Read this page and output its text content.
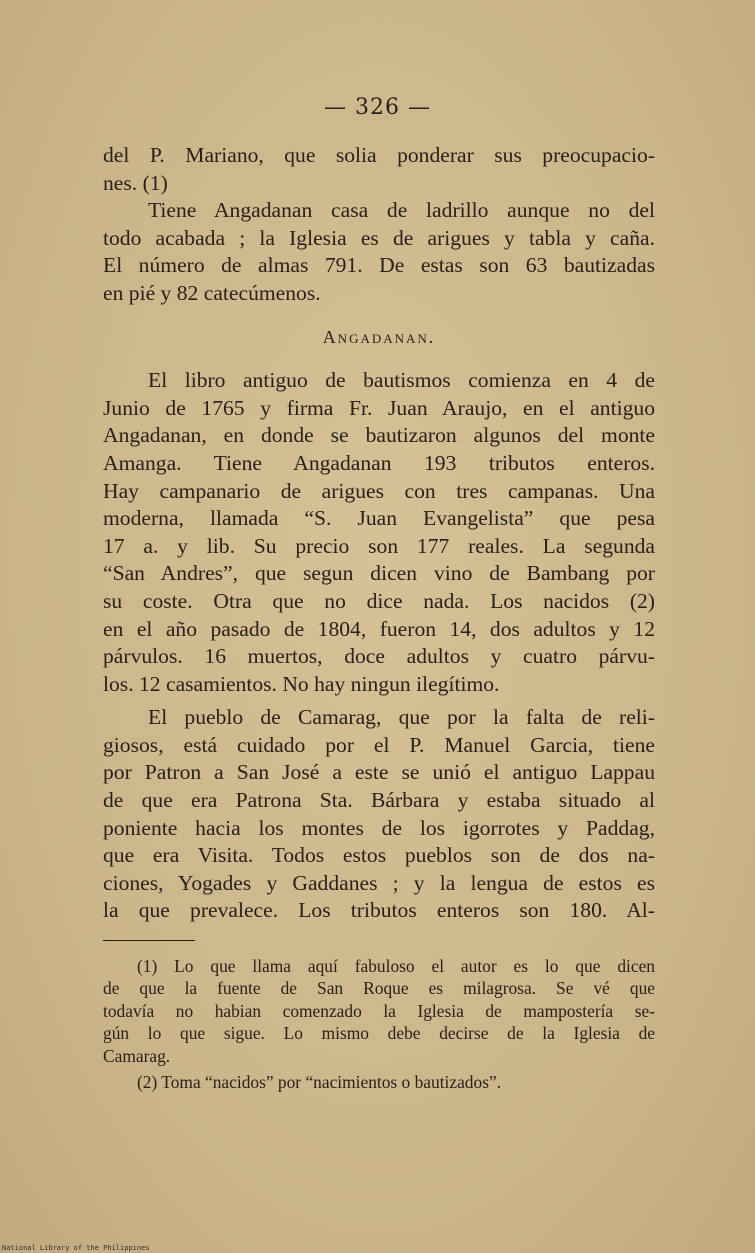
— 326 —
del P. Mariano, que solia ponderar sus preocupacio-
nes. (1)
Tiene Angadanan casa de ladrillo aunque no del
todo acabada ; la Iglesia es de arigues y tabla y caña.
El número de almas 791. De estas son 63 bautizadas
en pié y 82 catecúmenos.
Angadanan.
El libro antiguo de bautismos comienza en 4 de
Junio de 1765 y firma Fr. Juan Araujo, en el antiguo
Angadanan, en donde se bautizaron algunos del monte
Amanga. Tiene Angadanan 193 tributos enteros.
Hay campanario de arigues con tres campanas. Una
moderna, llamada “S. Juan Evangelista” que pesa
17 a. y lib. Su precio son 177 reales. La segunda
“San Andres”, que segun dicen vino de Bambang por
su coste. Otra que no dice nada. Los nacidos (2)
en el año pasado de 1804, fueron 14, dos adultos y 12
párvulos. 16 muertos, doce adultos y cuatro párvu-
los. 12 casamientos. No hay ningun ilegítimo.
El pueblo de Camarag, que por la falta de reli-
giosos, está cuidado por el P. Manuel Garcia, tiene
por Patron a San José a este se unió el antiguo Lappau
de que era Patrona Sta. Bárbara y estaba situado al
poniente hacia los montes de los igorrotes y Paddag,
que era Visita. Todos estos pueblos son de dos na-
ciones, Yogades y Gaddanes ; y la lengua de estos es
la que prevalece. Los tributos enteros son 180. Al-
(1) Lo que llama aquí fabuloso el autor es lo que dicen
de que la fuente de San Roque es milagrosa. Se vé que
todavía no habian comenzado la Iglesia de mampostería se-
gún lo que sigue. Lo mismo debe decirse de la Iglesia de
Camarag.
(2) Toma “nacidos” por “nacimientos o bautizados”.
National Library of the Philippines
